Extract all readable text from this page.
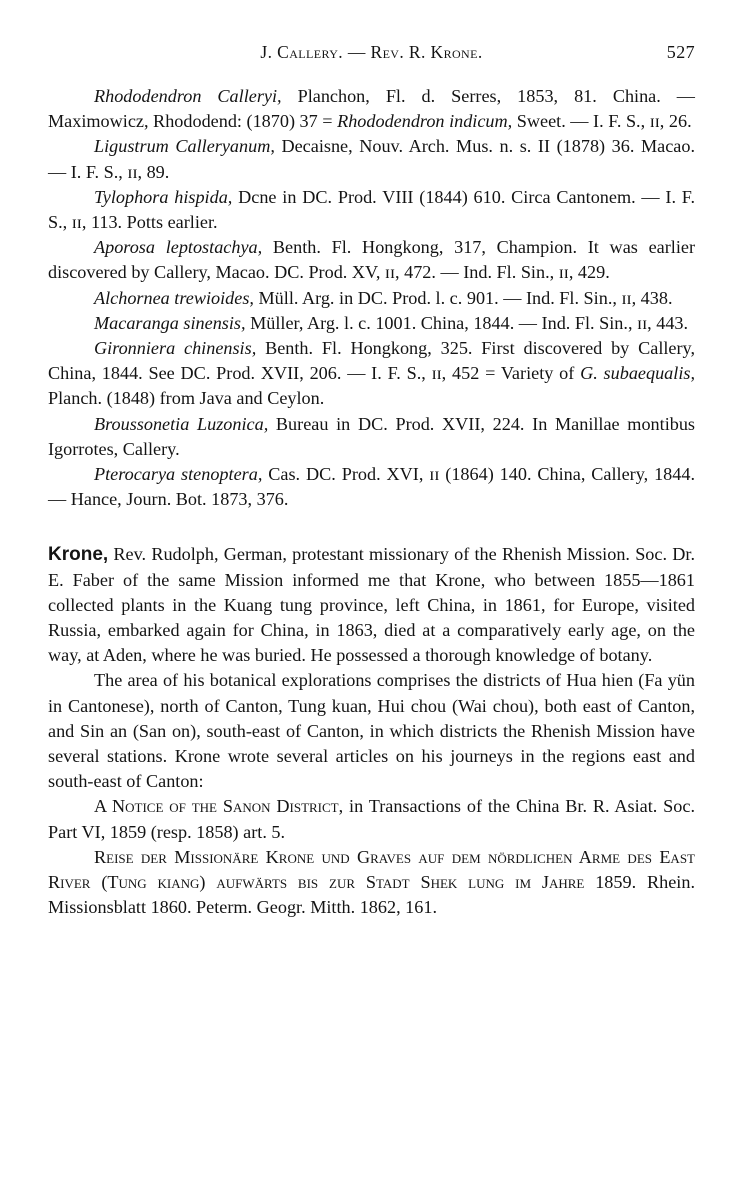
J. Callery. — Rev. R. Krone.	527

Rhododendron Calleryi, Planchon, Fl. d. Serres, 1853, 81. China. — Maximowicz, Rhododend: (1870) 37 = Rhododendron indicum, Sweet. — I. F. S., ɪɪ, 26.

Ligustrum Calleryanum, Decaisne, Nouv. Arch. Mus. n. s. II (1878) 36. Macao. — I. F. S., ɪɪ, 89.

Tylophora hispida, Dcne in DC. Prod. VIII (1844) 610. Circa Cantonem. — I. F. S., ɪɪ, 113. Potts earlier.

Aporosa leptostachya, Benth. Fl. Hongkong, 317, Champion. It was earlier discovered by Callery, Macao. DC. Prod. XV, ɪɪ, 472. — Ind. Fl. Sin., ɪɪ, 429.

Alchornea trewioides, Müll. Arg. in DC. Prod. l. c. 901. — Ind. Fl. Sin., ɪɪ, 438.

Macaranga sinensis, Müller, Arg. l. c. 1001. China, 1844. — Ind. Fl. Sin., ɪɪ, 443.

Gironniera chinensis, Benth. Fl. Hongkong, 325. First discovered by Callery, China, 1844. See DC. Prod. XVII, 206. — I. F. S., ɪɪ, 452 = Variety of G. subaequalis, Planch. (1848) from Java and Ceylon.

Broussonetia Luzonica, Bureau in DC. Prod. XVII, 224. In Manillae montibus Igorrotes, Callery.

Pterocarya stenoptera, Cas. DC. Prod. XVI, ɪɪ (1864) 140. China, Callery, 1844. — Hance, Journ. Bot. 1873, 376.

Krone, Rev. Rudolph, German, protestant missionary of the Rhenish Mission. Soc. Dr. E. Faber of the same Mission informed me that Krone, who between 1855—1861 collected plants in the Kuang tung province, left China, in 1861, for Europe, visited Russia, embarked again for China, in 1863, died at a comparatively early age, on the way, at Aden, where he was buried. He possessed a thorough knowledge of botany.

The area of his botanical explorations comprises the districts of Hua hien (Fa yün in Cantonese), north of Canton, Tung kuan, Hui chou (Wai chou), both east of Canton, and Sin an (San on), south-east of Canton, in which districts the Rhenish Mission have several stations. Krone wrote several articles on his journeys in the regions east and south-east of Canton:

A Notice of the Sanon District, in Transactions of the China Br. R. Asiat. Soc. Part VI, 1859 (resp. 1858) art. 5.

Reise der Missionäre Krone und Graves auf dem nördlichen Arme des East River (Tung kiang) aufwärts bis zur Stadt Shek lung im Jahre 1859. Rhein. Missionsblatt 1860. Peterm. Geogr. Mitth. 1862, 161.
